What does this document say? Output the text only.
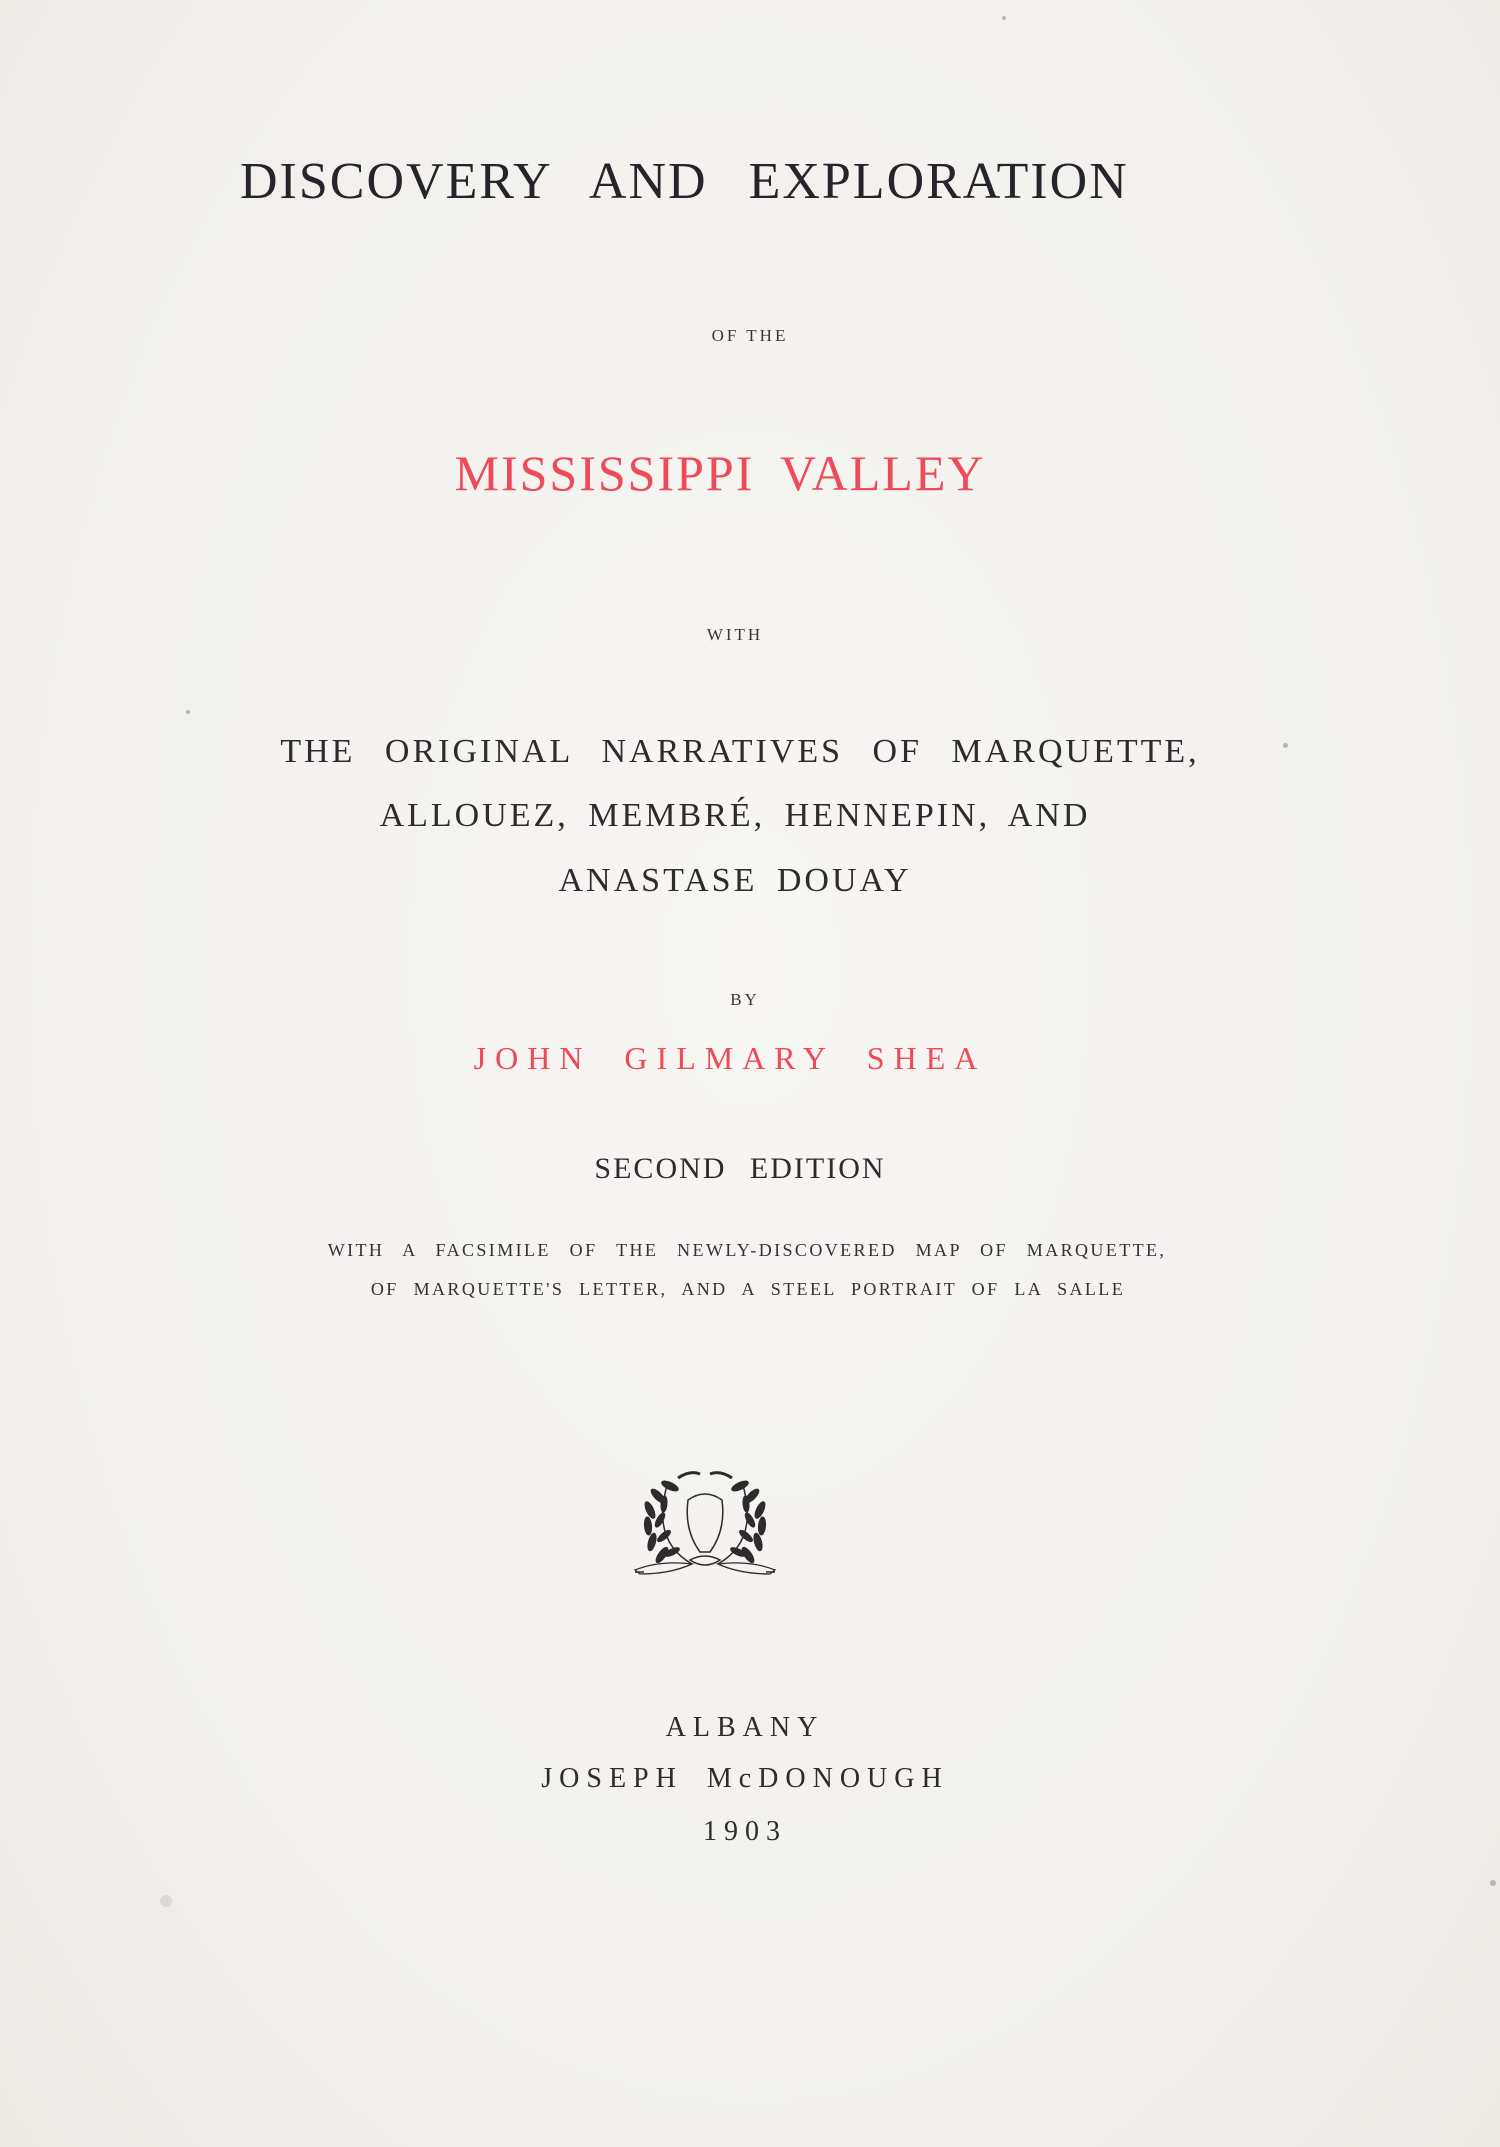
DISCOVERY AND EXPLORATION

OF THE

MISSISSIPPI VALLEY

WITH

THE ORIGINAL NARRATIVES OF MARQUETTE,

ALLOUEZ, MEMBRÉ, HENNEPIN, AND

ANASTASE DOUAY

BY

JOHN GILMARY SHEA

SECOND EDITION

WITH A FACSIMILE OF THE NEWLY-DISCOVERED MAP OF MARQUETTE,

OF MARQUETTE'S LETTER, AND A STEEL PORTRAIT OF LA SALLE

ALBANY

JOSEPH McDONOUGH

1903
